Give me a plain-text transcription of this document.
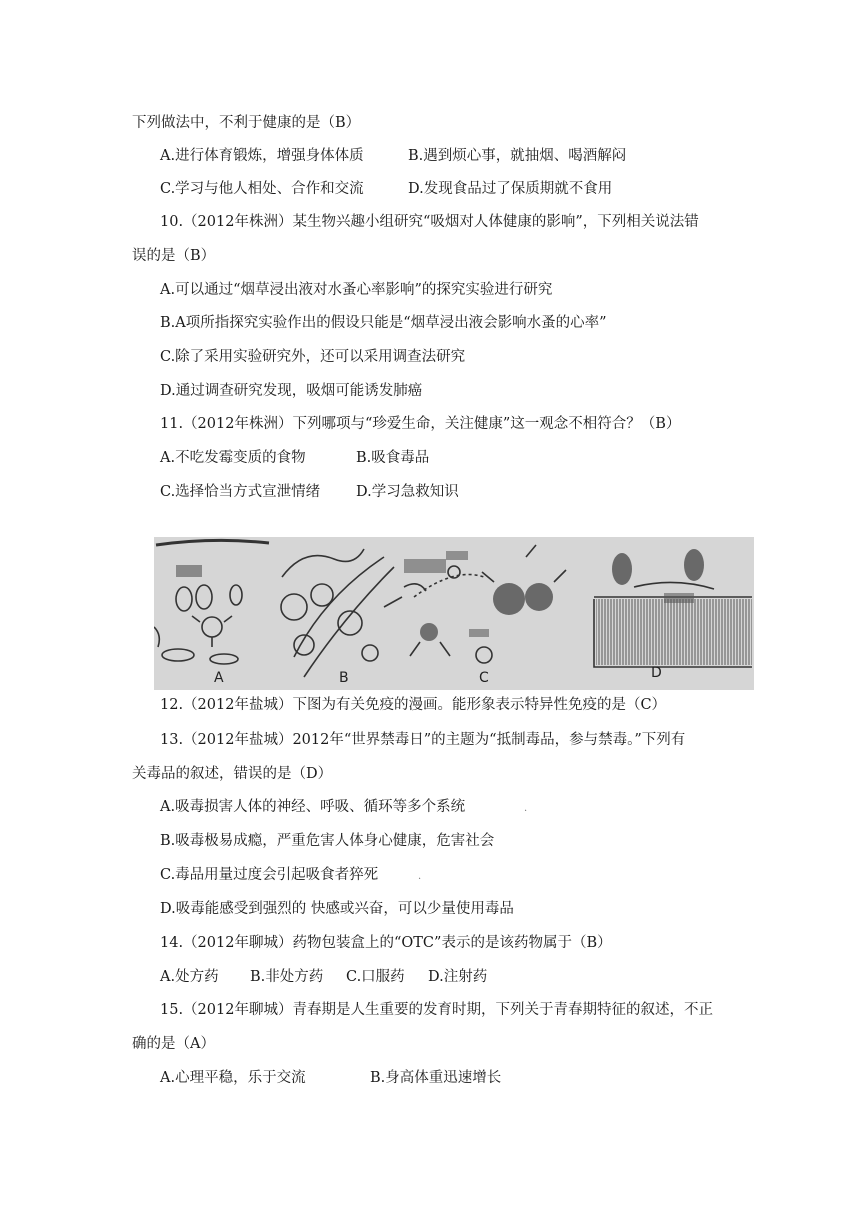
下列做法中，不利于健康的是（B）
A.进行体育锻炼，增强身体体质	B.遇到烦心事，就抽烟、喝酒解闷
C.学习与他人相处、合作和交流	D.发现食品过了保质期就不食用
10.（2012年株洲）某生物兴趣小组研究“吸烟对人体健康的影响”，下列相关说法错
误的是（B）
A.可以通过“烟草浸出液对水蚤心率影响”的探究实验进行研究
B.A项所指探究实验作出的假设只能是“烟草浸出液会影响水蚤的心率”
C.除了采用实验研究外，还可以采用调查法研究
D.通过调查研究发现，吸烟可能诱发肺癌
11.（2012年株洲）下列哪项与“珍爱生命，关注健康”这一观念不相符合？（B）
A.不吃发霉变质的食物	B.吸食毒品
C.选择恰当方式宣泄情绪 D.学习急救知识
A	B	C	D
12.（2012年盐城）下图为有关免疫的漫画。能形象表示特异性免疫的是（C）
13.（2012年盐城）2012年“世界禁毒日”的主题为“抵制毒品，参与禁毒。”下列有
关毒品的叙述，错误的是（D）
A.吸毒损害人体的神经、呼吸、循环等多个系统	.
B.吸毒极易成瘾，严重危害人体身心健康，危害社会
C.毒品用量过度会引起吸食者猝死	.
D.吸毒能感受到强烈的 快感或兴奋，可以少量使用毒品
14.（2012年聊城）药物包装盒上的“OTC”表示的是该药物属于（B）
A.处方药 B.非处方药 C.口服药 D.注射药
15.（2012年聊城）青春期是人生重要的发育时期，下列关于青春期特征的叙述，不正
确的是（A）
A.心理平稳，乐于交流	B.身高体重迅速增长
